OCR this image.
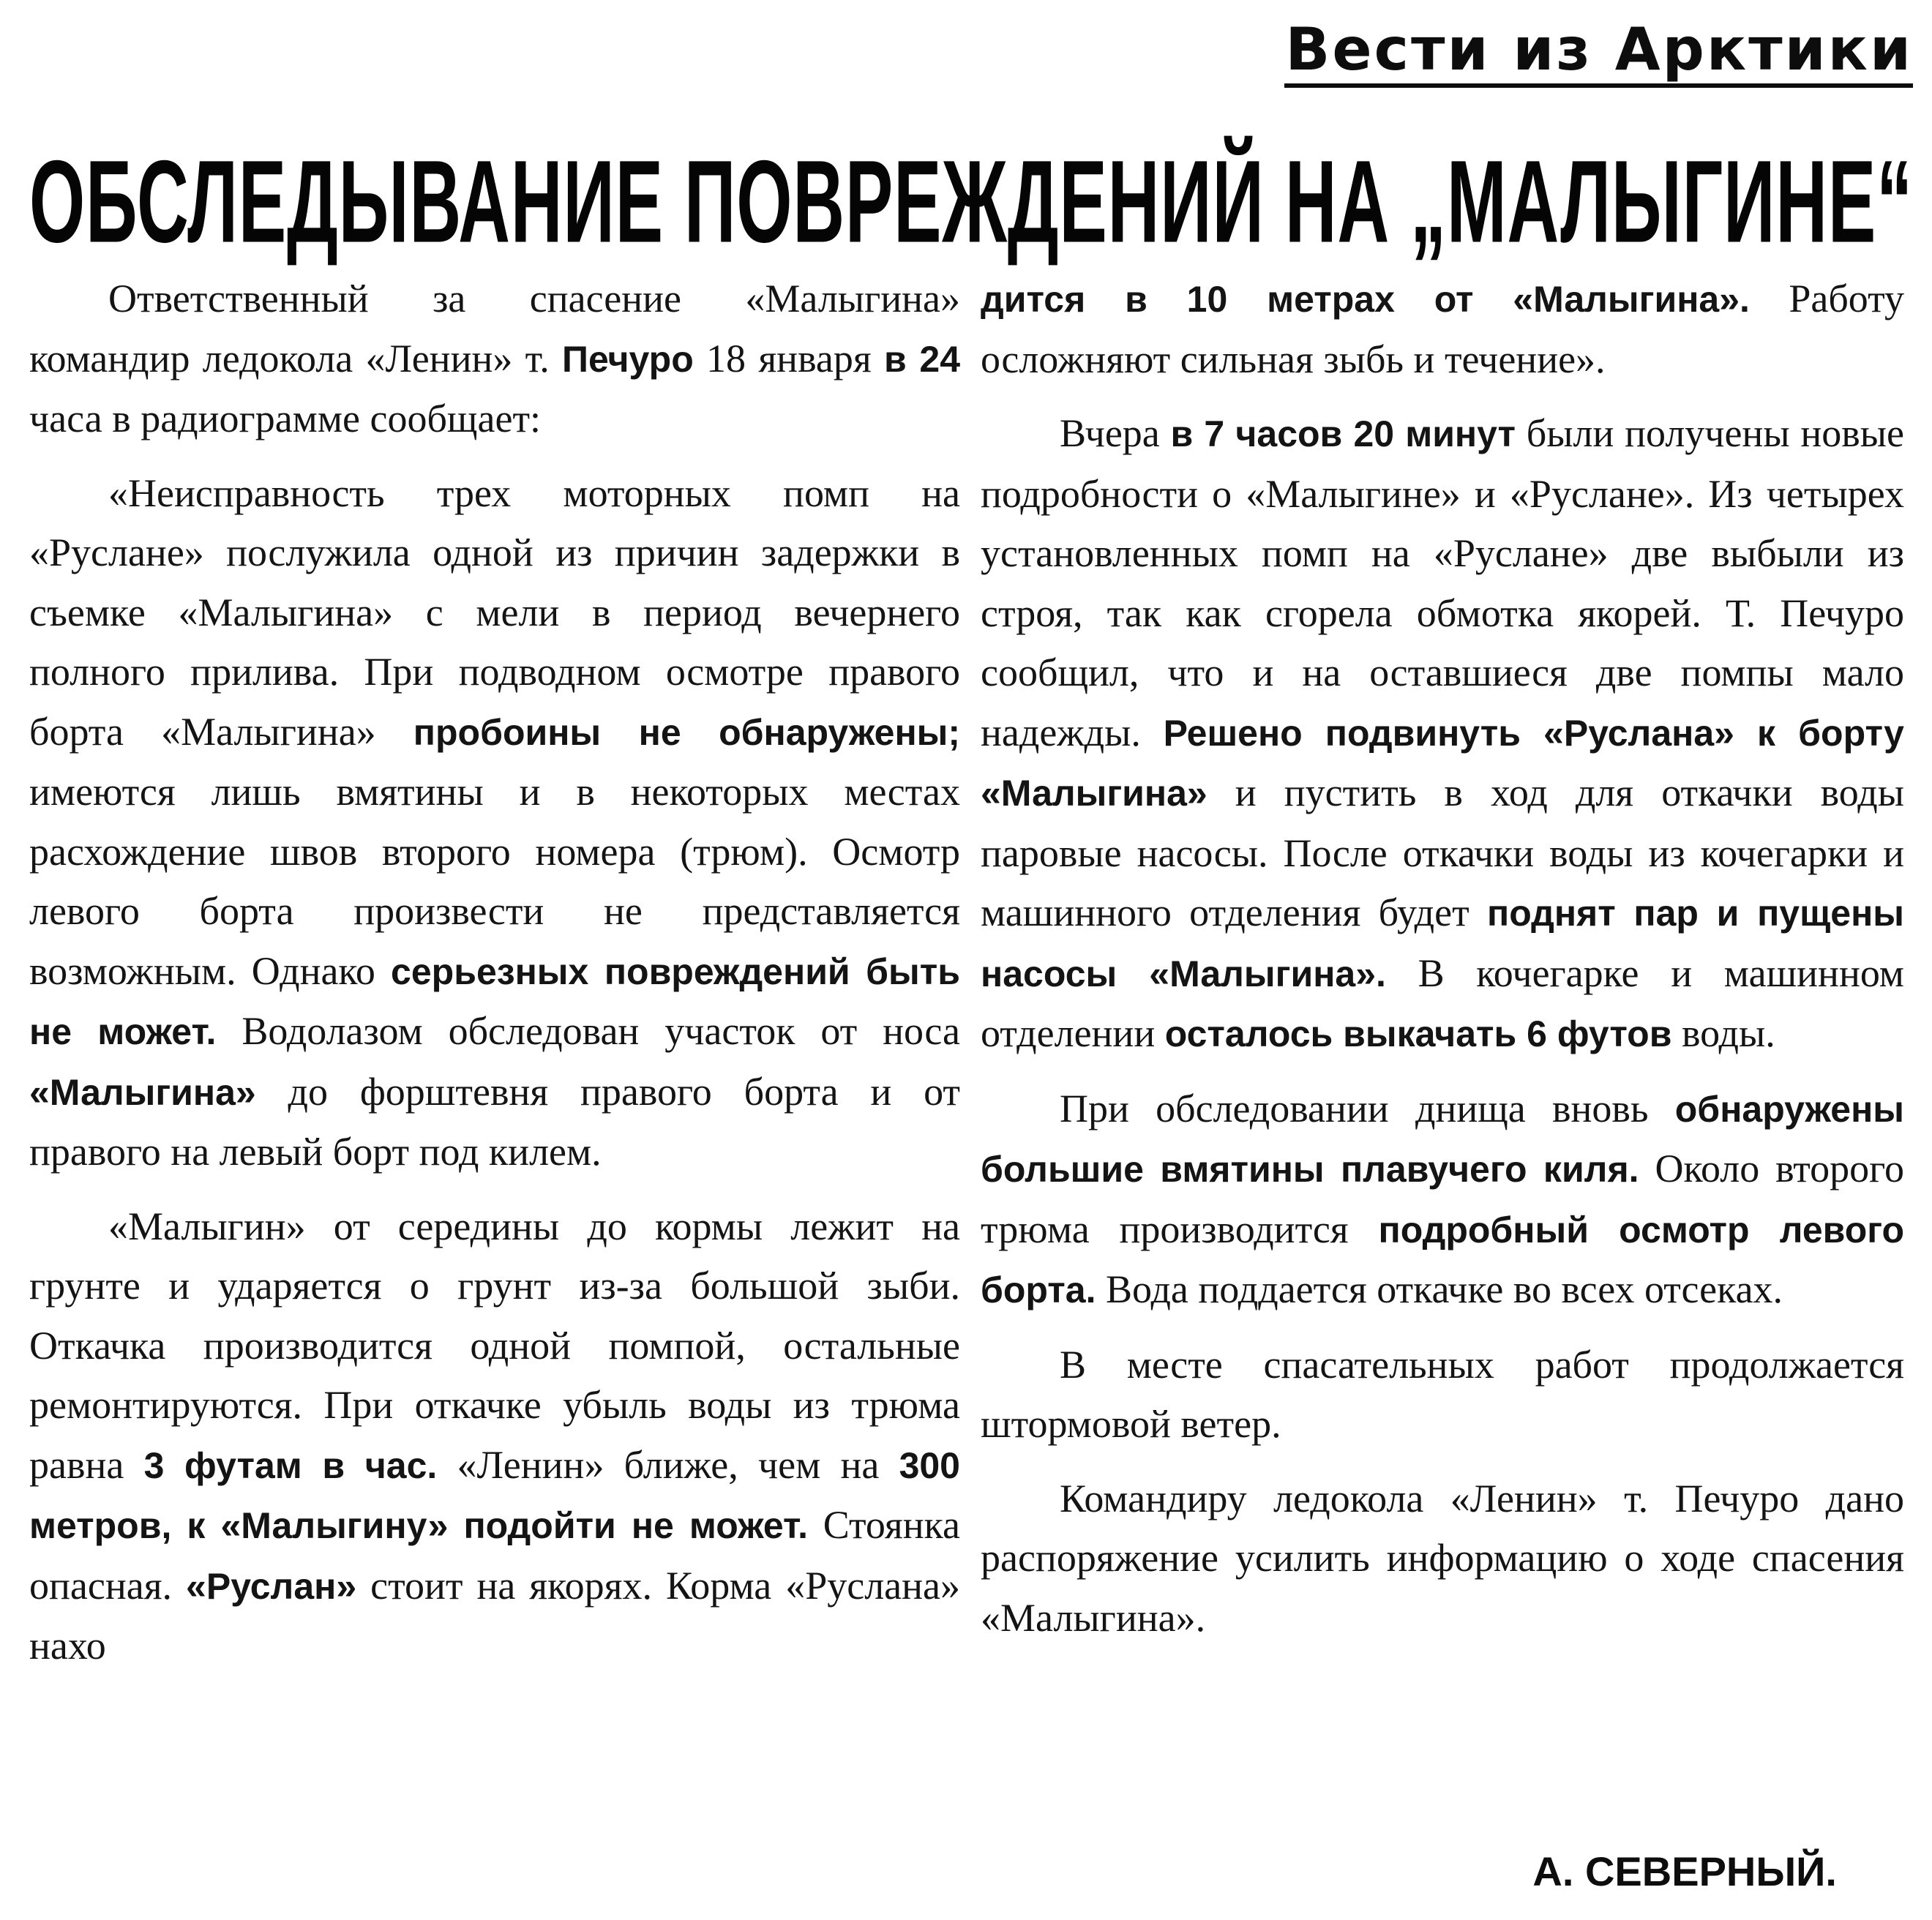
Вести из Арктики
ОБСЛЕДЫВАНИЕ ПОВРЕЖДЕНИЙ НА „МАЛЫГИНЕ“

Ответственный за спасение «Малыгина» командир ледокола «Ленин» т. Печуро 18 января в 24 часа в радиограмме сообщает:

«Неисправность трех моторных помп на «Руслане» послужила одной из причин задержки в съемке «Малыгина» с мели в период вечернего полного прилива. При подводном осмотре правого борта «Малыгина» пробоины не обнаружены; имеются лишь вмятины и в некоторых местах расхождение швов второго номера (трюм). Осмотр левого борта произвести не представляется возможным. Однако серьезных повреждений быть не может. Водолазом обследован участок от носа «Малыгина» до форштевня правого борта и от правого на левый борт под килем.

«Малыгин» от середины до кормы лежит на грунте и ударяется о грунт из-за большой зыби. Откачка производится одной помпой, остальные ремонтируются. При откачке убыль воды из трюма равна 3 футам в час. «Ленин» ближе, чем на 300 метров, к «Малыгину» подойти не может. Стоянка опасная. «Руслан» стоит на якорях. Корма «Руслана» нахо

дится в 10 метрах от «Малыгина». Работу осложняют сильная зыбь и течение».

Вчера в 7 часов 20 минут были получены новые подробности о «Малыгине» и «Руслане». Из четырех установленных помп на «Руслане» две выбыли из строя, так как сгорела обмотка якорей. Т. Печуро сообщил, что и на оставшиеся две помпы мало надежды. Решено подвинуть «Руслана» к борту «Малыгина» и пустить в ход для откачки воды паровые насосы. После откачки воды из кочегарки и машинного отделения будет поднят пар и пущены насосы «Малыгина». В кочегарке и машинном отделении осталось выкачать 6 футов воды.

При обследовании днища вновь обнаружены большие вмятины плавучего киля. Около второго трюма производится подробный осмотр левого борта. Вода поддается откачке во всех отсеках.

В месте спасательных работ продолжается штормовой ветер.

Командиру ледокола «Ленин» т. Печуро дано распоряжение усилить информацию о ходе спасения «Малыгина».

А. СЕВЕРНЫЙ.
